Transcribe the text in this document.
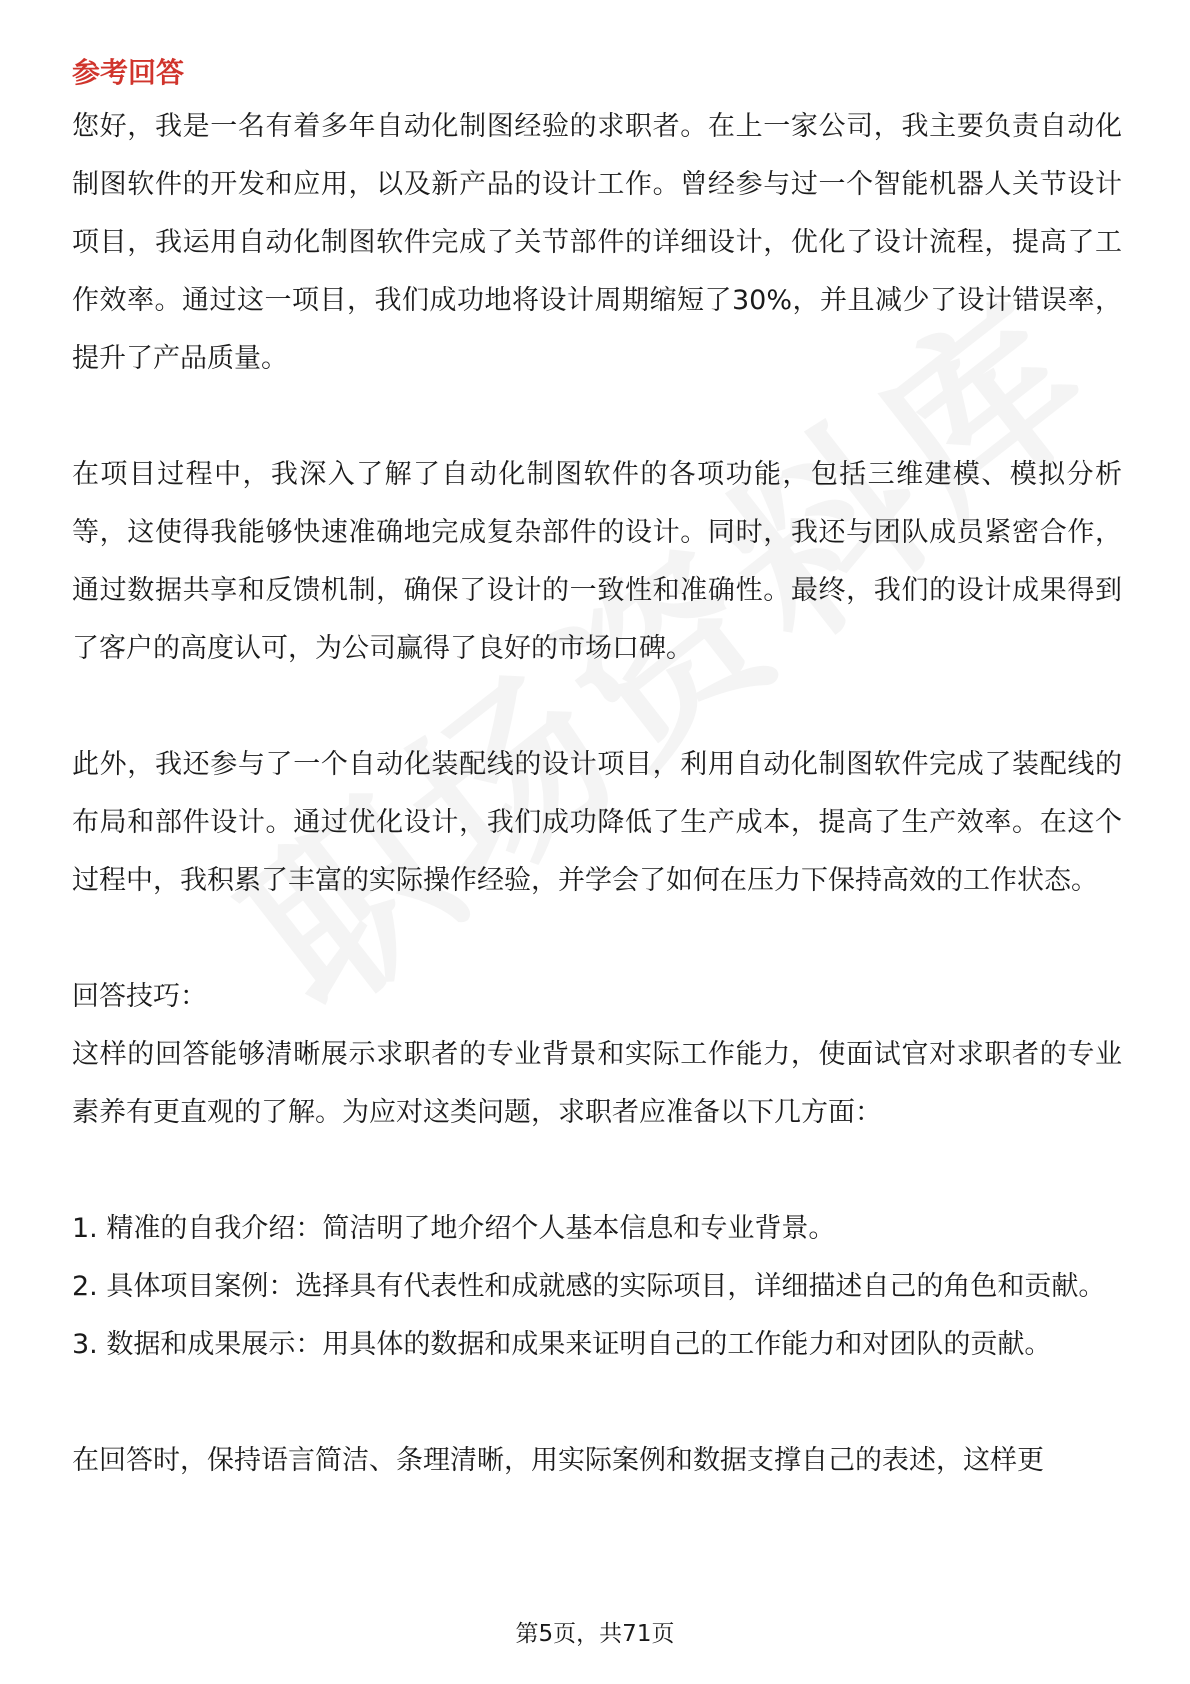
参考回答

您好，我是一名有着多年自动化制图经验的求职者。在上一家公司，我主要负责自动化制图软件的开发和应用，以及新产品的设计工作。曾经参与过一个智能机器人关节设计项目，我运用自动化制图软件完成了关节部件的详细设计，优化了设计流程，提高了工作效率。通过这一项目，我们成功地将设计周期缩短了30%，并且减少了设计错误率，提升了产品质量。

在项目过程中，我深入了解了自动化制图软件的各项功能，包括三维建模、模拟分析等，这使得我能够快速准确地完成复杂部件的设计。同时，我还与团队成员紧密合作，通过数据共享和反馈机制，确保了设计的一致性和准确性。最终，我们的设计成果得到了客户的高度认可，为公司赢得了良好的市场口碑。

此外，我还参与了一个自动化装配线的设计项目，利用自动化制图软件完成了装配线的布局和部件设计。通过优化设计，我们成功降低了生产成本，提高了生产效率。在这个过程中，我积累了丰富的实际操作经验，并学会了如何在压力下保持高效的工作状态。

回答技巧：

这样的回答能够清晰展示求职者的专业背景和实际工作能力，使面试官对求职者的专业素养有更直观的了解。为应对这类问题，求职者应准备以下几方面：

1. 精准的自我介绍：简洁明了地介绍个人基本信息和专业背景。

2. 具体项目案例：选择具有代表性和成就感的实际项目，详细描述自己的角色和贡献。

3. 数据和成果展示：用具体的数据和成果来证明自己的工作能力和对团队的贡献。

在回答时，保持语言简洁、条理清晰，用实际案例和数据支撑自己的表述，这样更

第5页，共71页
